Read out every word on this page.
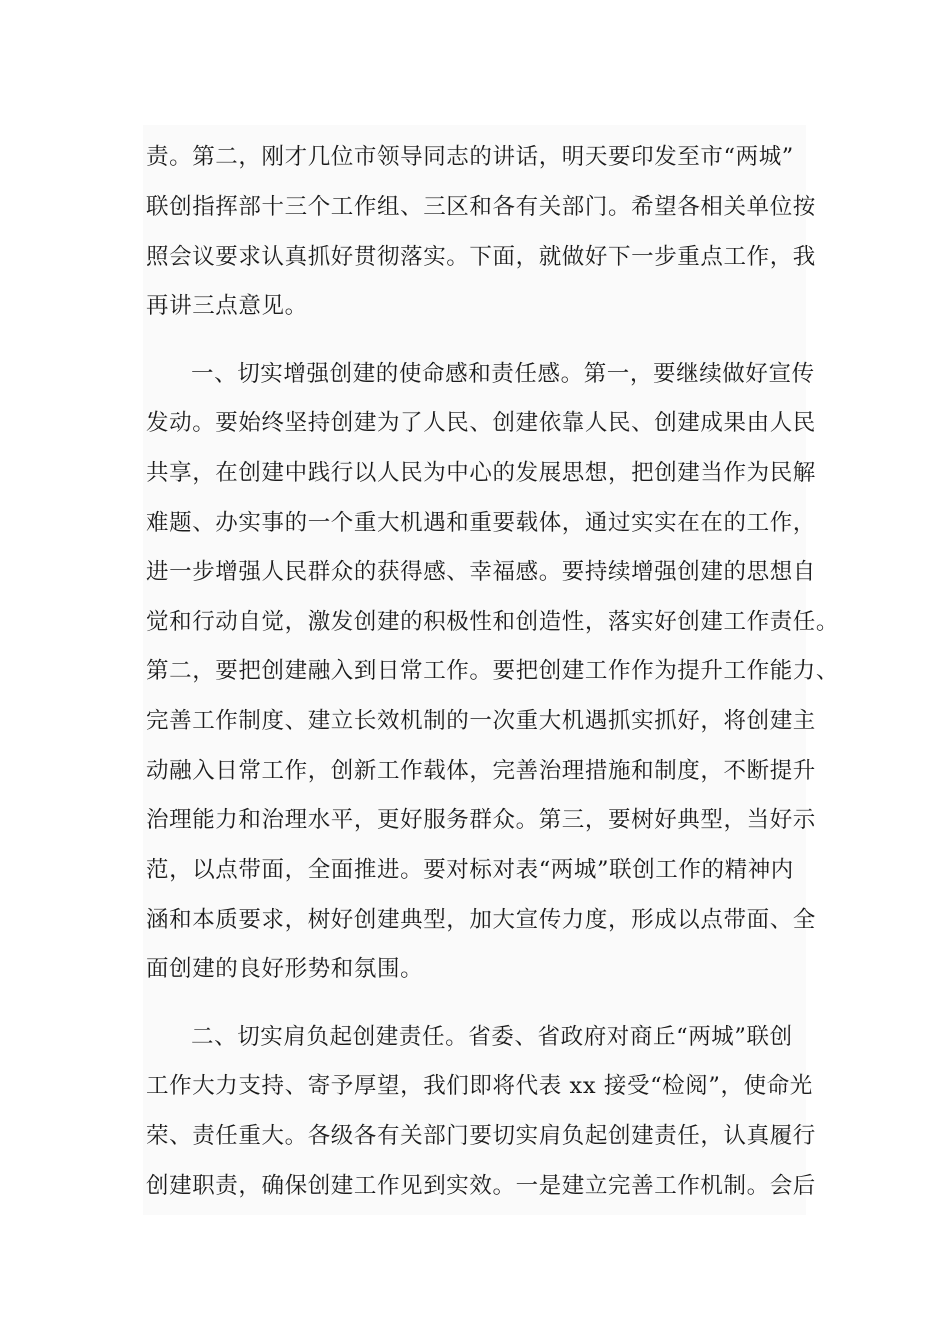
责。第二，刚才几位市领导同志的讲话，明天要印发至市“两城”
联创指挥部十三个工作组、三区和各有关部门。希望各相关单位按
照会议要求认真抓好贯彻落实。下面，就做好下一步重点工作，我
再讲三点意见。
一、切实增强创建的使命感和责任感。第一，要继续做好宣传
发动。要始终坚持创建为了人民、创建依靠人民、创建成果由人民
共享，在创建中践行以人民为中心的发展思想，把创建当作为民解
难题、办实事的一个重大机遇和重要载体，通过实实在在的工作，
进一步增强人民群众的获得感、幸福感。要持续增强创建的思想自
觉和行动自觉，激发创建的积极性和创造性，落实好创建工作责任。
第二，要把创建融入到日常工作。要把创建工作作为提升工作能力、
完善工作制度、建立长效机制的一次重大机遇抓实抓好，将创建主
动融入日常工作，创新工作载体，完善治理措施和制度，不断提升
治理能力和治理水平，更好服务群众。第三，要树好典型，当好示
范，以点带面，全面推进。要对标对表“两城”联创工作的精神内
涵和本质要求，树好创建典型，加大宣传力度，形成以点带面、全
面创建的良好形势和氛围。
二、切实肩负起创建责任。省委、省政府对商丘“两城”联创
工作大力支持、寄予厚望，我们即将代表 xx 接受“检阅”，使命光
荣、责任重大。各级各有关部门要切实肩负起创建责任，认真履行
创建职责，确保创建工作见到实效。一是建立完善工作机制。会后
